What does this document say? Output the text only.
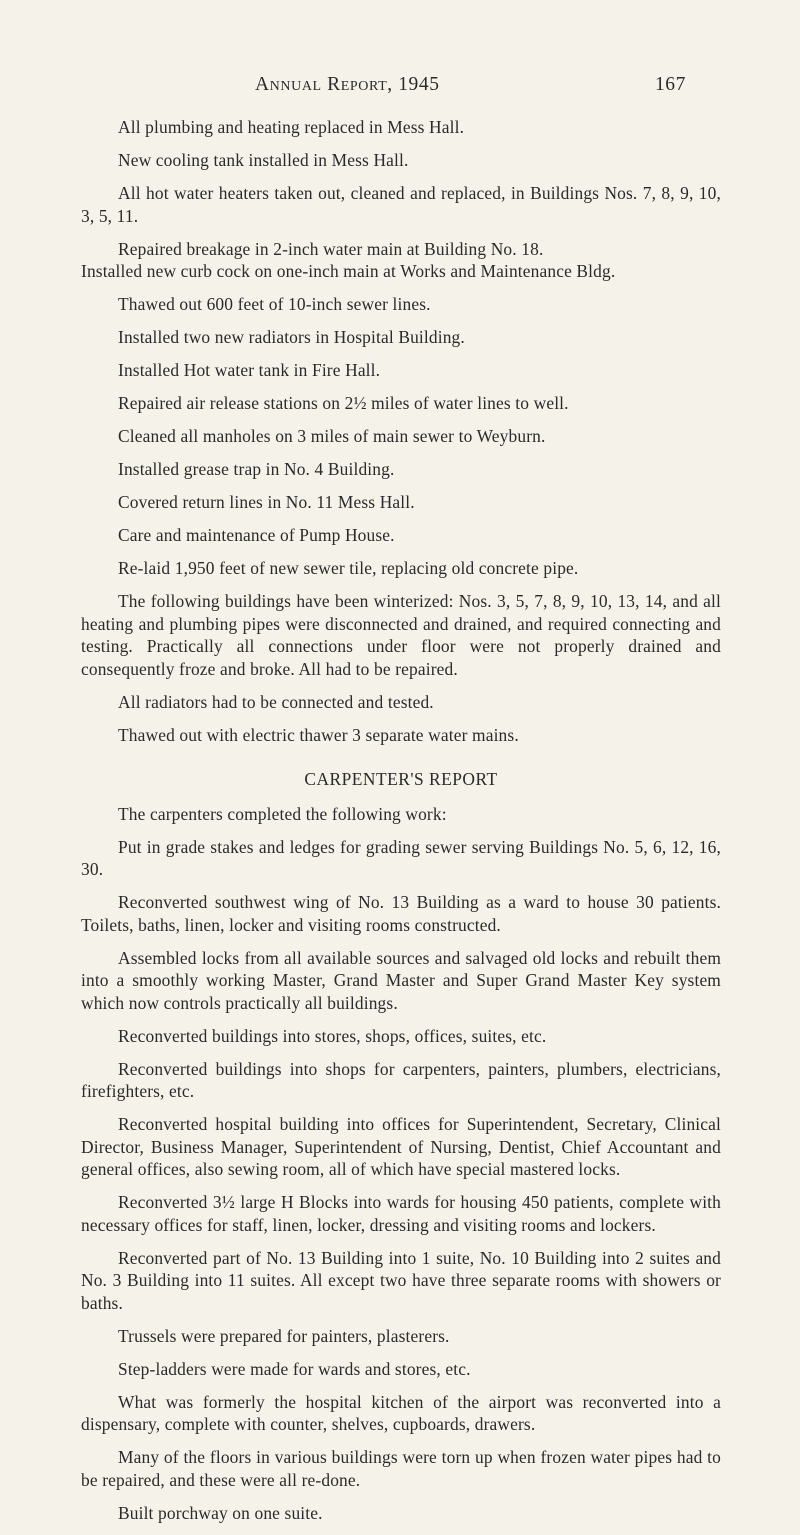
Annual Report, 1945	167

All plumbing and heating replaced in Mess Hall.

New cooling tank installed in Mess Hall.

All hot water heaters taken out, cleaned and replaced, in Buildings Nos. 7, 8, 9, 10, 3, 5, 11.

Repaired breakage in 2-inch water main at Building No. 18.

Installed new curb cock on one-inch main at Works and Maintenance Bldg.

Thawed out 600 feet of 10-inch sewer lines.

Installed two new radiators in Hospital Building.

Installed Hot water tank in Fire Hall.

Repaired air release stations on 2½ miles of water lines to well.

Cleaned all manholes on 3 miles of main sewer to Weyburn.

Installed grease trap in No. 4 Building.

Covered return lines in No. 11 Mess Hall.

Care and maintenance of Pump House.

Re-laid 1,950 feet of new sewer tile, replacing old concrete pipe.

The following buildings have been winterized: Nos. 3, 5, 7, 8, 9, 10, 13, 14, and all heating and plumbing pipes were disconnected and drained, and required connecting and testing. Practically all connections under floor were not properly drained and consequently froze and broke. All had to be repaired.

All radiators had to be connected and tested.

Thawed out with electric thawer 3 separate water mains.

CARPENTER'S REPORT

The carpenters completed the following work:

Put in grade stakes and ledges for grading sewer serving Buildings No. 5, 6, 12, 16, 30.

Reconverted southwest wing of No. 13 Building as a ward to house 30 patients. Toilets, baths, linen, locker and visiting rooms constructed.

Assembled locks from all available sources and salvaged old locks and rebuilt them into a smoothly working Master, Grand Master and Super Grand Master Key system which now controls practically all buildings.

Reconverted buildings into stores, shops, offices, suites, etc.

Reconverted buildings into shops for carpenters, painters, plumbers, electricians, firefighters, etc.

Reconverted hospital building into offices for Superintendent, Secretary, Clinical Director, Business Manager, Superintendent of Nursing, Dentist, Chief Accountant and general offices, also sewing room, all of which have special mastered locks.

Reconverted 3½ large H Blocks into wards for housing 450 patients, complete with necessary offices for staff, linen, locker, dressing and visiting rooms and lockers.

Reconverted part of No. 13 Building into 1 suite, No. 10 Building into 2 suites and No. 3 Building into 11 suites. All except two have three separate rooms with showers or baths.

Trussels were prepared for painters, plasterers.

Step-ladders were made for wards and stores, etc.

What was formerly the hospital kitchen of the airport was reconverted into a dispensary, complete with counter, shelves, cupboards, drawers.

Many of the floors in various buildings were torn up when frozen water pipes had to be repaired, and these were all re-done.

Built porchway on one suite.
